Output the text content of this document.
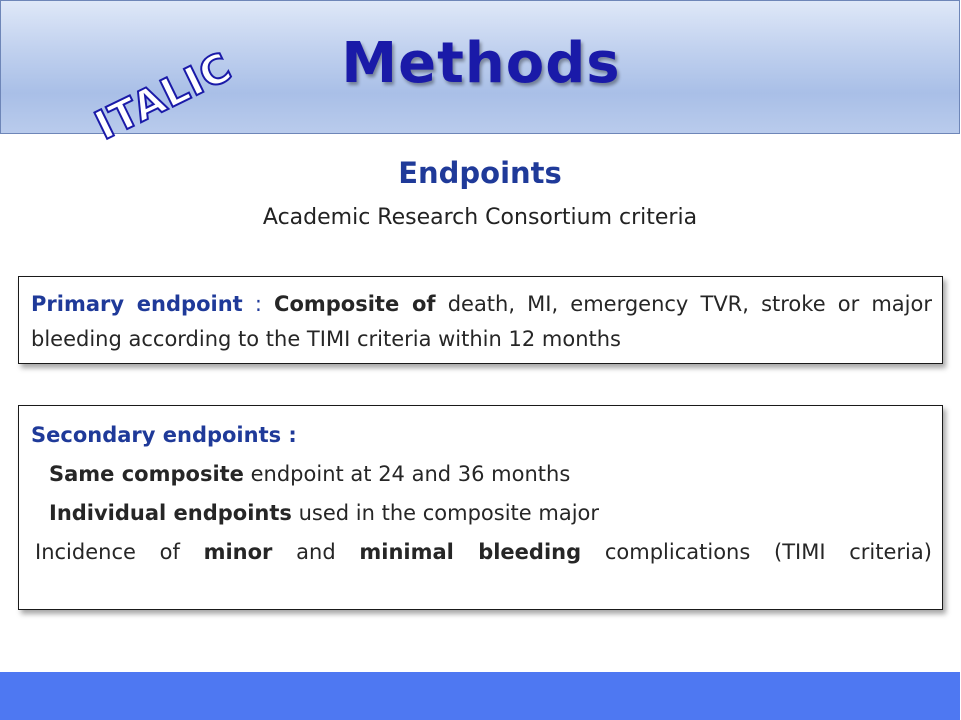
ITALIC	Methods
Endpoints
Academic Research Consortium criteria
Primary endpoint : Composite of death, MI, emergency TVR, stroke or major bleeding according to the TIMI criteria within 12 months
Secondary endpoints :
Same composite endpoint at 24 and 36 months
Individual endpoints used in the composite major
Incidence of minor and minimal bleeding complications (TIMI criteria)
